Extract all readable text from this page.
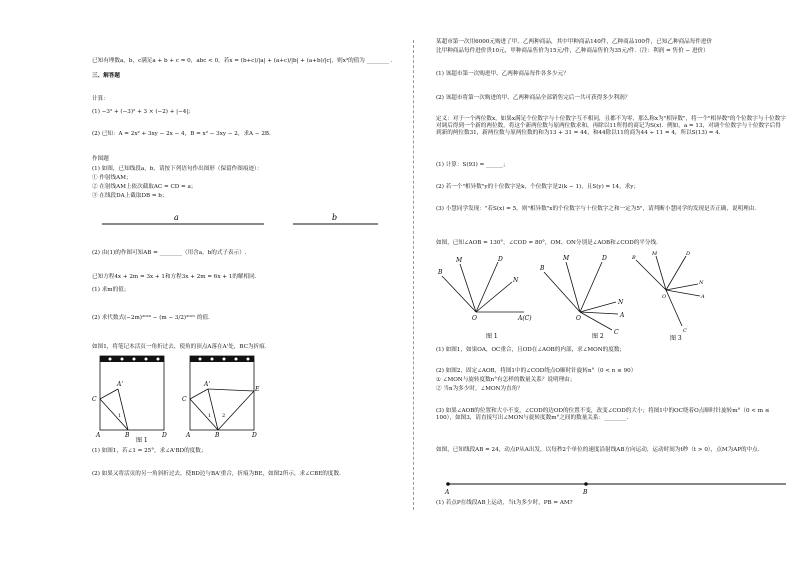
已知有理数a，b，c满足a + b + c = 0，abc < 0，若x = (b+c)/|a| + (a+c)/|b| + (a+b)/|c|，则x³的值为 ________ .
三、解答题
计算：
(1) −3² + (−3)² + 3 × (−2) + |−4|;
(2) 已知：A = 2x² + 3xy − 2x − 4，B = x² − 3xy − 2，求A − 2B.
作图题
(1) 如图，已知线段a，b，请按下列语句作出图形（保留作图痕迹）：
① 作射线AM；
② 在射线AM上依次截取AC = CD = a；
③ 在线段DA上截取DB = b；
a	b
(2) 由(1)的作图可知AB = ________（用含a，b的式子表示）.
已知方程4x + 2m = 3x + 1和方程3x + 2m = 6x + 1的解相同.
(1) 求m的值；
(2) 求代数式(−2m)²⁰²⁰ − (m − 3/2)²⁰²¹ 的值.
如图1，将笔记本活页一角折过去，使角的顶点A落在A'处，BC为折痕.
C
A'
1
A	B	D
图 1
C
A'
E
1 2
A	B	D
(1) 如图1，若∠1 = 25°，求∠A'BD的度数；
(2) 如果又将活页的另一角斜折过去，使BD边与BA'重合，折痕为BE，如图2所示，求∠CBE的度数.
某超市第一次用6000元购进了甲、乙两种商品，其中甲种商品140件，乙种商品100件，已知乙种商品每件进价
比甲种商品每件进价贵10元，甲种商品售价为15元/件，乙种商品售价为35元/件.（注：利润 = 售价 − 进价）
(1) 该超市第一次购进甲、乙两种商品每件各多少元？
(2) 该超市将第一次购进的甲、乙两种商品全部销售完后一共可获得多少利润？
定义：对于一个两位数x，如果x满足个位数字与十位数字互不相同，且都不为零，那么称x为"相异数"，将一个"相异数"的个位数字与十位数字对调后得到一个新的两位数，将这个新两位数与原两位数求和，再除以11所得的商记为S(x)．例如，a = 13，对调个位数字与十位数字后得到新的两位数31，新两位数与原两位数的和为13 + 31 = 44，和44除以11的商为44 ÷ 11 = 4，所以S(13) = 4.
(1) 计算：S(93) = ______；
(2) 若一个"相异数"y的十位数字是k，个位数字是2(k − 1)，且S(y) = 14，求y；
(3) 小慧同学发现："若S(x) = 5，则"相异数"x的个位数字与十位数字之和一定为5"，请判断小慧同学的发现是否正确，说明理由.
如图，已知∠AOB = 130°，∠COD = 80°，OM、ON分别是∠AOB和∠COD的平分线.
O	A(C)
B
M	D
N
图 1
O
B
M	D
N
A
C
图 2
O
B
M	D
N
A
C
图 3
(1) 如图1，如果OA，OC重合，且OD在∠AOB的内部，求∠MON的度数；
(2) 如图2，固定∠AOB，将图1中的∠COD绕点O顺时针旋转n°（0 < n ≤ 90）
① ∠MON与旋转度数n°有怎样的数量关系？说明理由；
② 当n为多少时，∠MON为直角？
(3) 如果∠AOB的位置和大小不变，∠COD的边OD的位置不变，改变∠COD的大小；将图1中的OC绕着O点顺时针旋转m°（0 < m ≤ 100），如图3，请直接写出∠MON与旋转度数m°之间的数量关系：________.
如图，已知线段AB = 24，动点P从A出发，以每秒2个单位的速度沿射线AB方向运动，运动时间为t秒（t > 0），点M为AP的中点.
A	B
(1) 若点P在线段AB上运动，当t为多少时，PB = AM?
